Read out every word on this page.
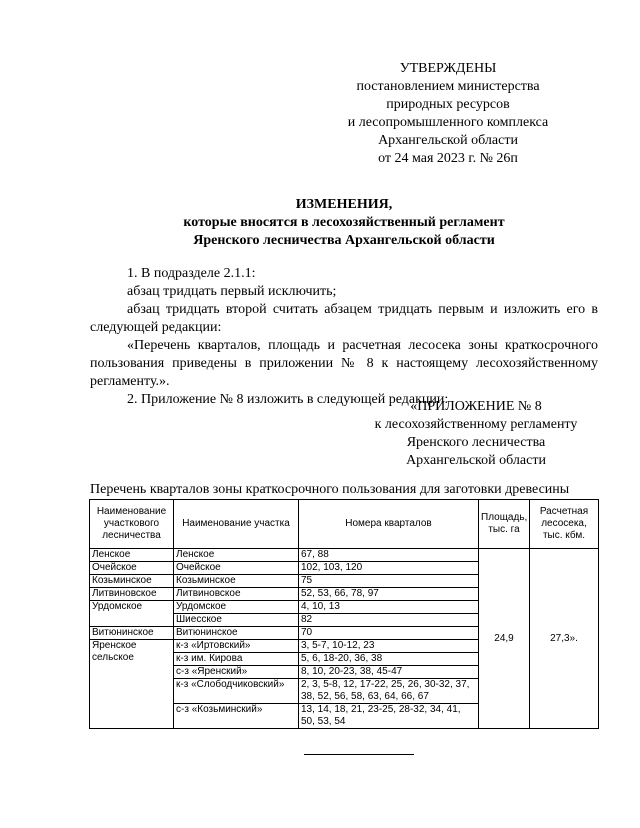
УТВЕРЖДЕНЫ
постановлением министерства
природных ресурсов
и лесопромышленного комплекса
Архангельской области
от 24 мая 2023 г. № 26п
ИЗМЕНЕНИЯ,
которые вносятся в лесохозяйственный регламент
Яренского лесничества Архангельской области

1. В подразделе 2.1.1:

абзац тридцать первый исключить;

абзац тридцать второй считать абзацем тридцать первым и изложить его в следующей редакции:

«Перечень кварталов, площадь и расчетная лесосека зоны краткосрочного пользования приведены в приложении № 8 к настоящему лесохозяйственному регламенту.».

2. Приложение № 8 изложить в следующей редакции:

«ПРИЛОЖЕНИЕ № 8
к лесохозяйственному регламенту
Яренского лесничества
Архангельской области
Перечень кварталов зоны краткосрочного пользования для заготовки древесины
Наименование участкового лесничества	Наименование участка	Номера кварталов	Площадь, тыс. га	Расчетная лесосека, тыс. кбм.
Ленское	Ленское	67, 88	24,9	27,3».
Очейское	Очейское	102, 103, 120		
Козьминское	Козьминское	75		
Литвиновское	Литвиновское	52, 53, 66, 78, 97		
Урдомское	Урдомское	4, 10, 13		
	Шиесское	82		
Витюнинское	Витюнинское	70		
Яренское сельское	к-з «Иртовский»	3, 5-7, 10-12, 23		
	к-з им. Кирова	5, 6, 18-20, 36, 38		
	с-з «Яренский»	8, 10, 20-23, 38, 45-47		
	к-з «Слободчиковский»	2, 3, 5-8, 12, 17-22, 25, 26, 30-32, 37, 38, 52, 56, 58, 63, 64, 66, 67		
	с-з «Козьминский»	13, 14, 18, 21, 23-25, 28-32, 34, 41, 50, 53, 54		
